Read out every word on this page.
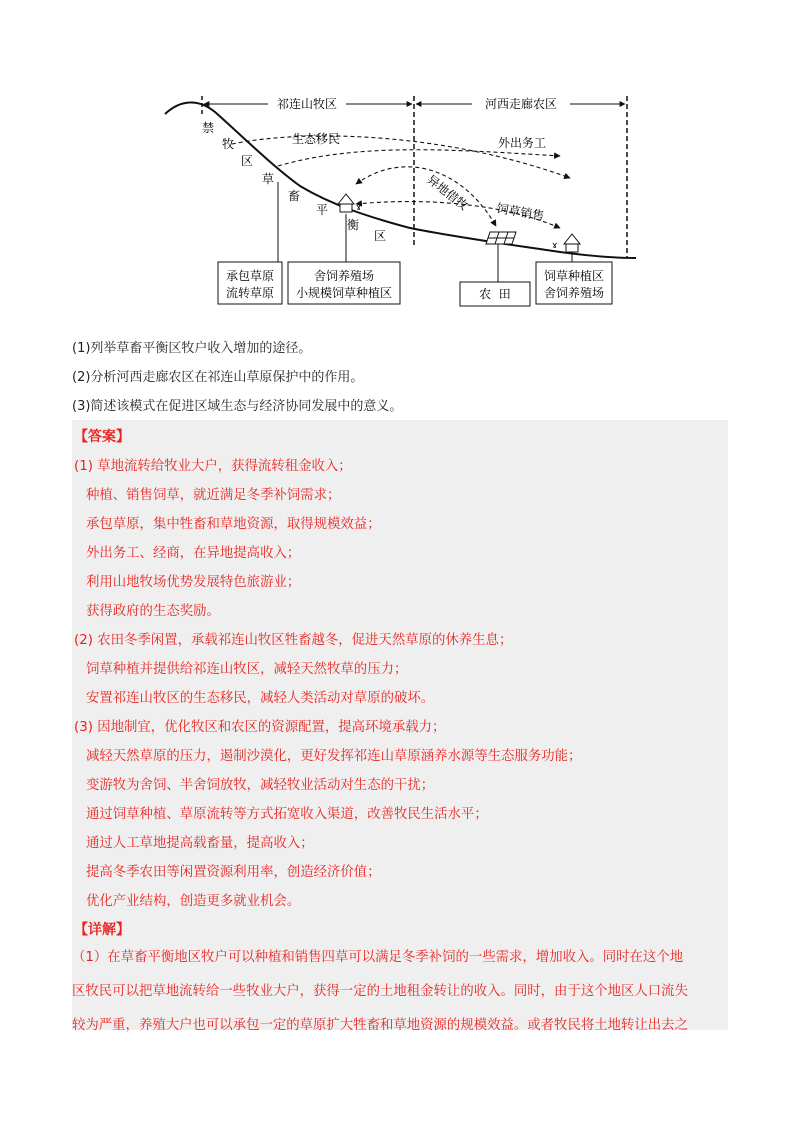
祁连山牧区	河西走廊农区
禁
牧
区
草
畜
平
衡
区
生态移民	外出务工
异地借牧 饲草销售
ɤ
ɤ
承包草原
流转草原
舍饲养殖场
小规模饲草种植区	农  田
饲草种植区
舍饲养殖场
(1)列举草畜平衡区牧户收入增加的途径。
(2)分析河西走廊农区在祁连山草原保护中的作用。
(3)简述该模式在促进区域生态与经济协同发展中的意义。
【答案】
(1) 草地流转给牧业大户，获得流转租金收入；
种植、销售饲草，就近满足冬季补饲需求；
承包草原，集中牲畜和草地资源，取得规模效益；
外出务工、经商，在异地提高收入；
利用山地牧场优势发展特色旅游业；
获得政府的生态奖励。
(2) 农田冬季闲置，承载祁连山牧区牲畜越冬，促进天然草原的休养生息；
饲草种植并提供给祁连山牧区，减轻天然牧草的压力；
安置祁连山牧区的生态移民，减轻人类活动对草原的破坏。
(3) 因地制宜，优化牧区和农区的资源配置，提高环境承载力；
减轻天然草原的压力，遏制沙漠化，更好发挥祁连山草原涵养水源等生态服务功能；
变游牧为舍饲、半舍饲放牧，减轻牧业活动对生态的干扰；
通过饲草种植、草原流转等方式拓宽收入渠道，改善牧民生活水平；
通过人工草地提高载畜量，提高收入；
提高冬季农田等闲置资源利用率，创造经济价值；
优化产业结构，创造更多就业机会。
【详解】
（1）在草畜平衡地区牧户可以种植和销售四草可以满足冬季补饲的一些需求，增加收入。同时在这个地
区牧民可以把草地流转给一些牧业大户，获得一定的土地租金转让的收入。同时，由于这个地区人口流失
较为严重，养殖大户也可以承包一定的草原扩大牲畜和草地资源的规模效益。或者牧民将土地转让出去之
